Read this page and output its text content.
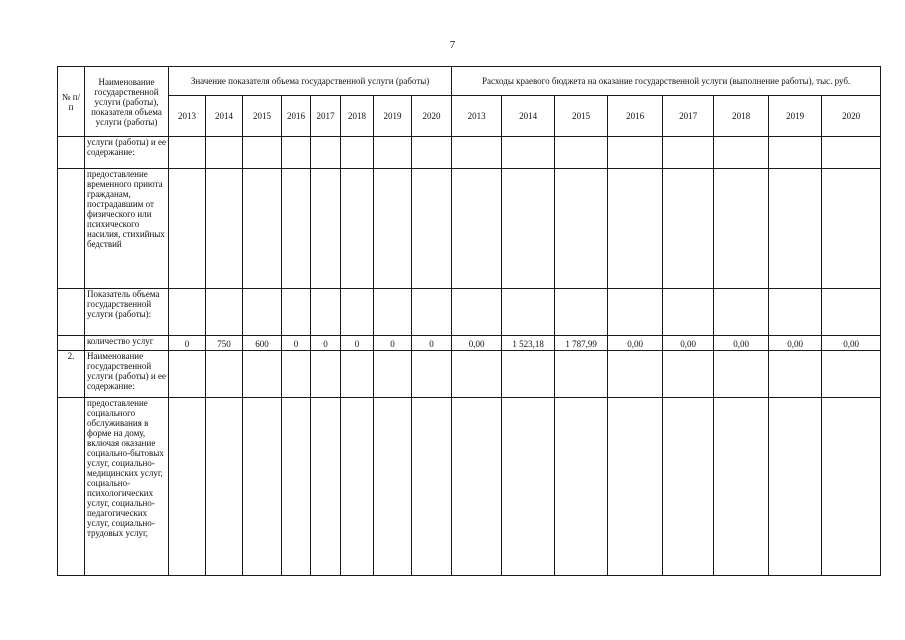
7
№ п/ п	Наименование государственной услуги (работы), показателя объема услуги (работы)	Значение показателя объема государственной услуги (работы)								Расходы краевого бюджета на оказание государственной услуги (выполнение работы), тыс. руб.							
		2013	2014	2015	2016	2017	2018	2019	2020	2013	2014	2015	2016	2017	2018	2019	2020
	услуги (работы) и ее содержание:																
	предоставление временного приюта гражданам, пострадавшим от физического или психического насилия, стихийных бедствий																
	Показатель объема государственной услуги (работы):																
	количество услуг	0	750	600	0	0	0	0	0	0,00	1 523,18	1 787,99	0,00	0,00	0,00	0,00	0,00
2.	Наименование государственной услуги (работы) и ее содержание:																
	предоставление социального обслуживания в форме на дому, включая оказание социально-бытовых услуг, социально-медицинских услуг, социально-психологических услуг, социально-педагогических услуг, социально-трудовых услуг,																
